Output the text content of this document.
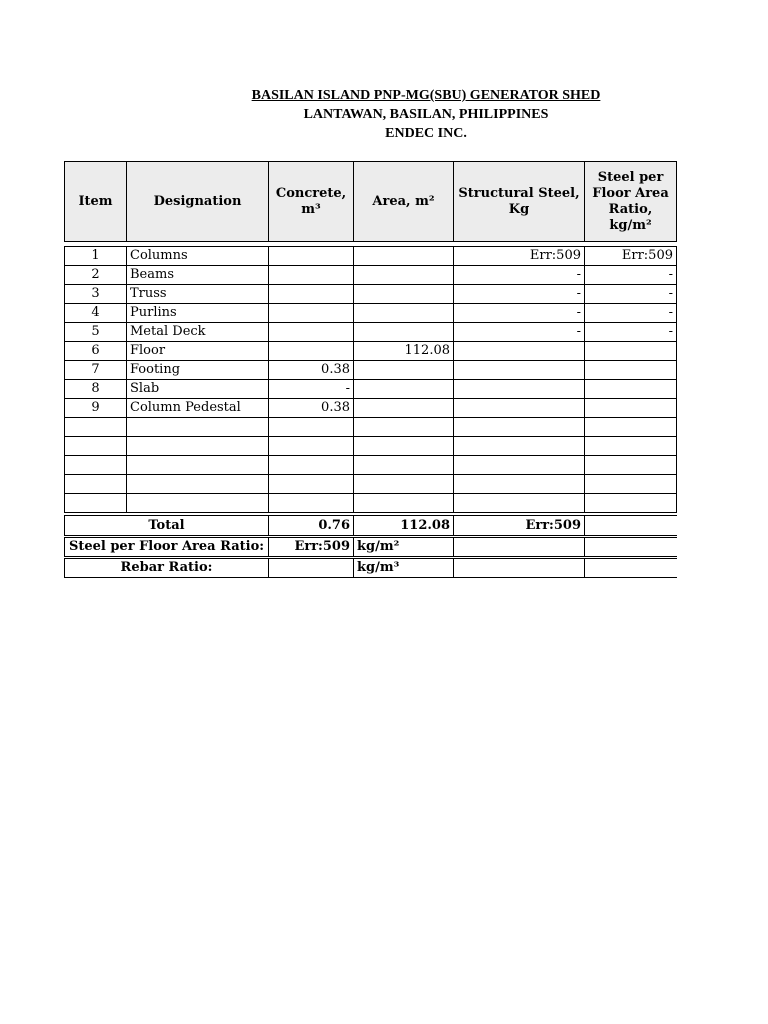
BASILAN ISLAND PNP-MG(SBU) GENERATOR SHED
LANTAWAN, BASILAN, PHILIPPINES
ENDEC INC.
Item	Designation	Concrete, m³	Area, m²	Structural Steel, Kg	Steel per Floor Area Ratio, kg/m²
1	Columns			Err:509	Err:509
2	Beams			-	-
3	Truss			-	-
4	Purlins			-	-
5	Metal Deck			-	-
6	Floor		112.08		
7	Footing	0.38			
8	Slab	-			
9	Column Pedestal	0.38			

Total	0.76	112.08	Err:509	
Steel per Floor Area Ratio:	Err:509	kg/m²		
Rebar Ratio:		kg/m³		
